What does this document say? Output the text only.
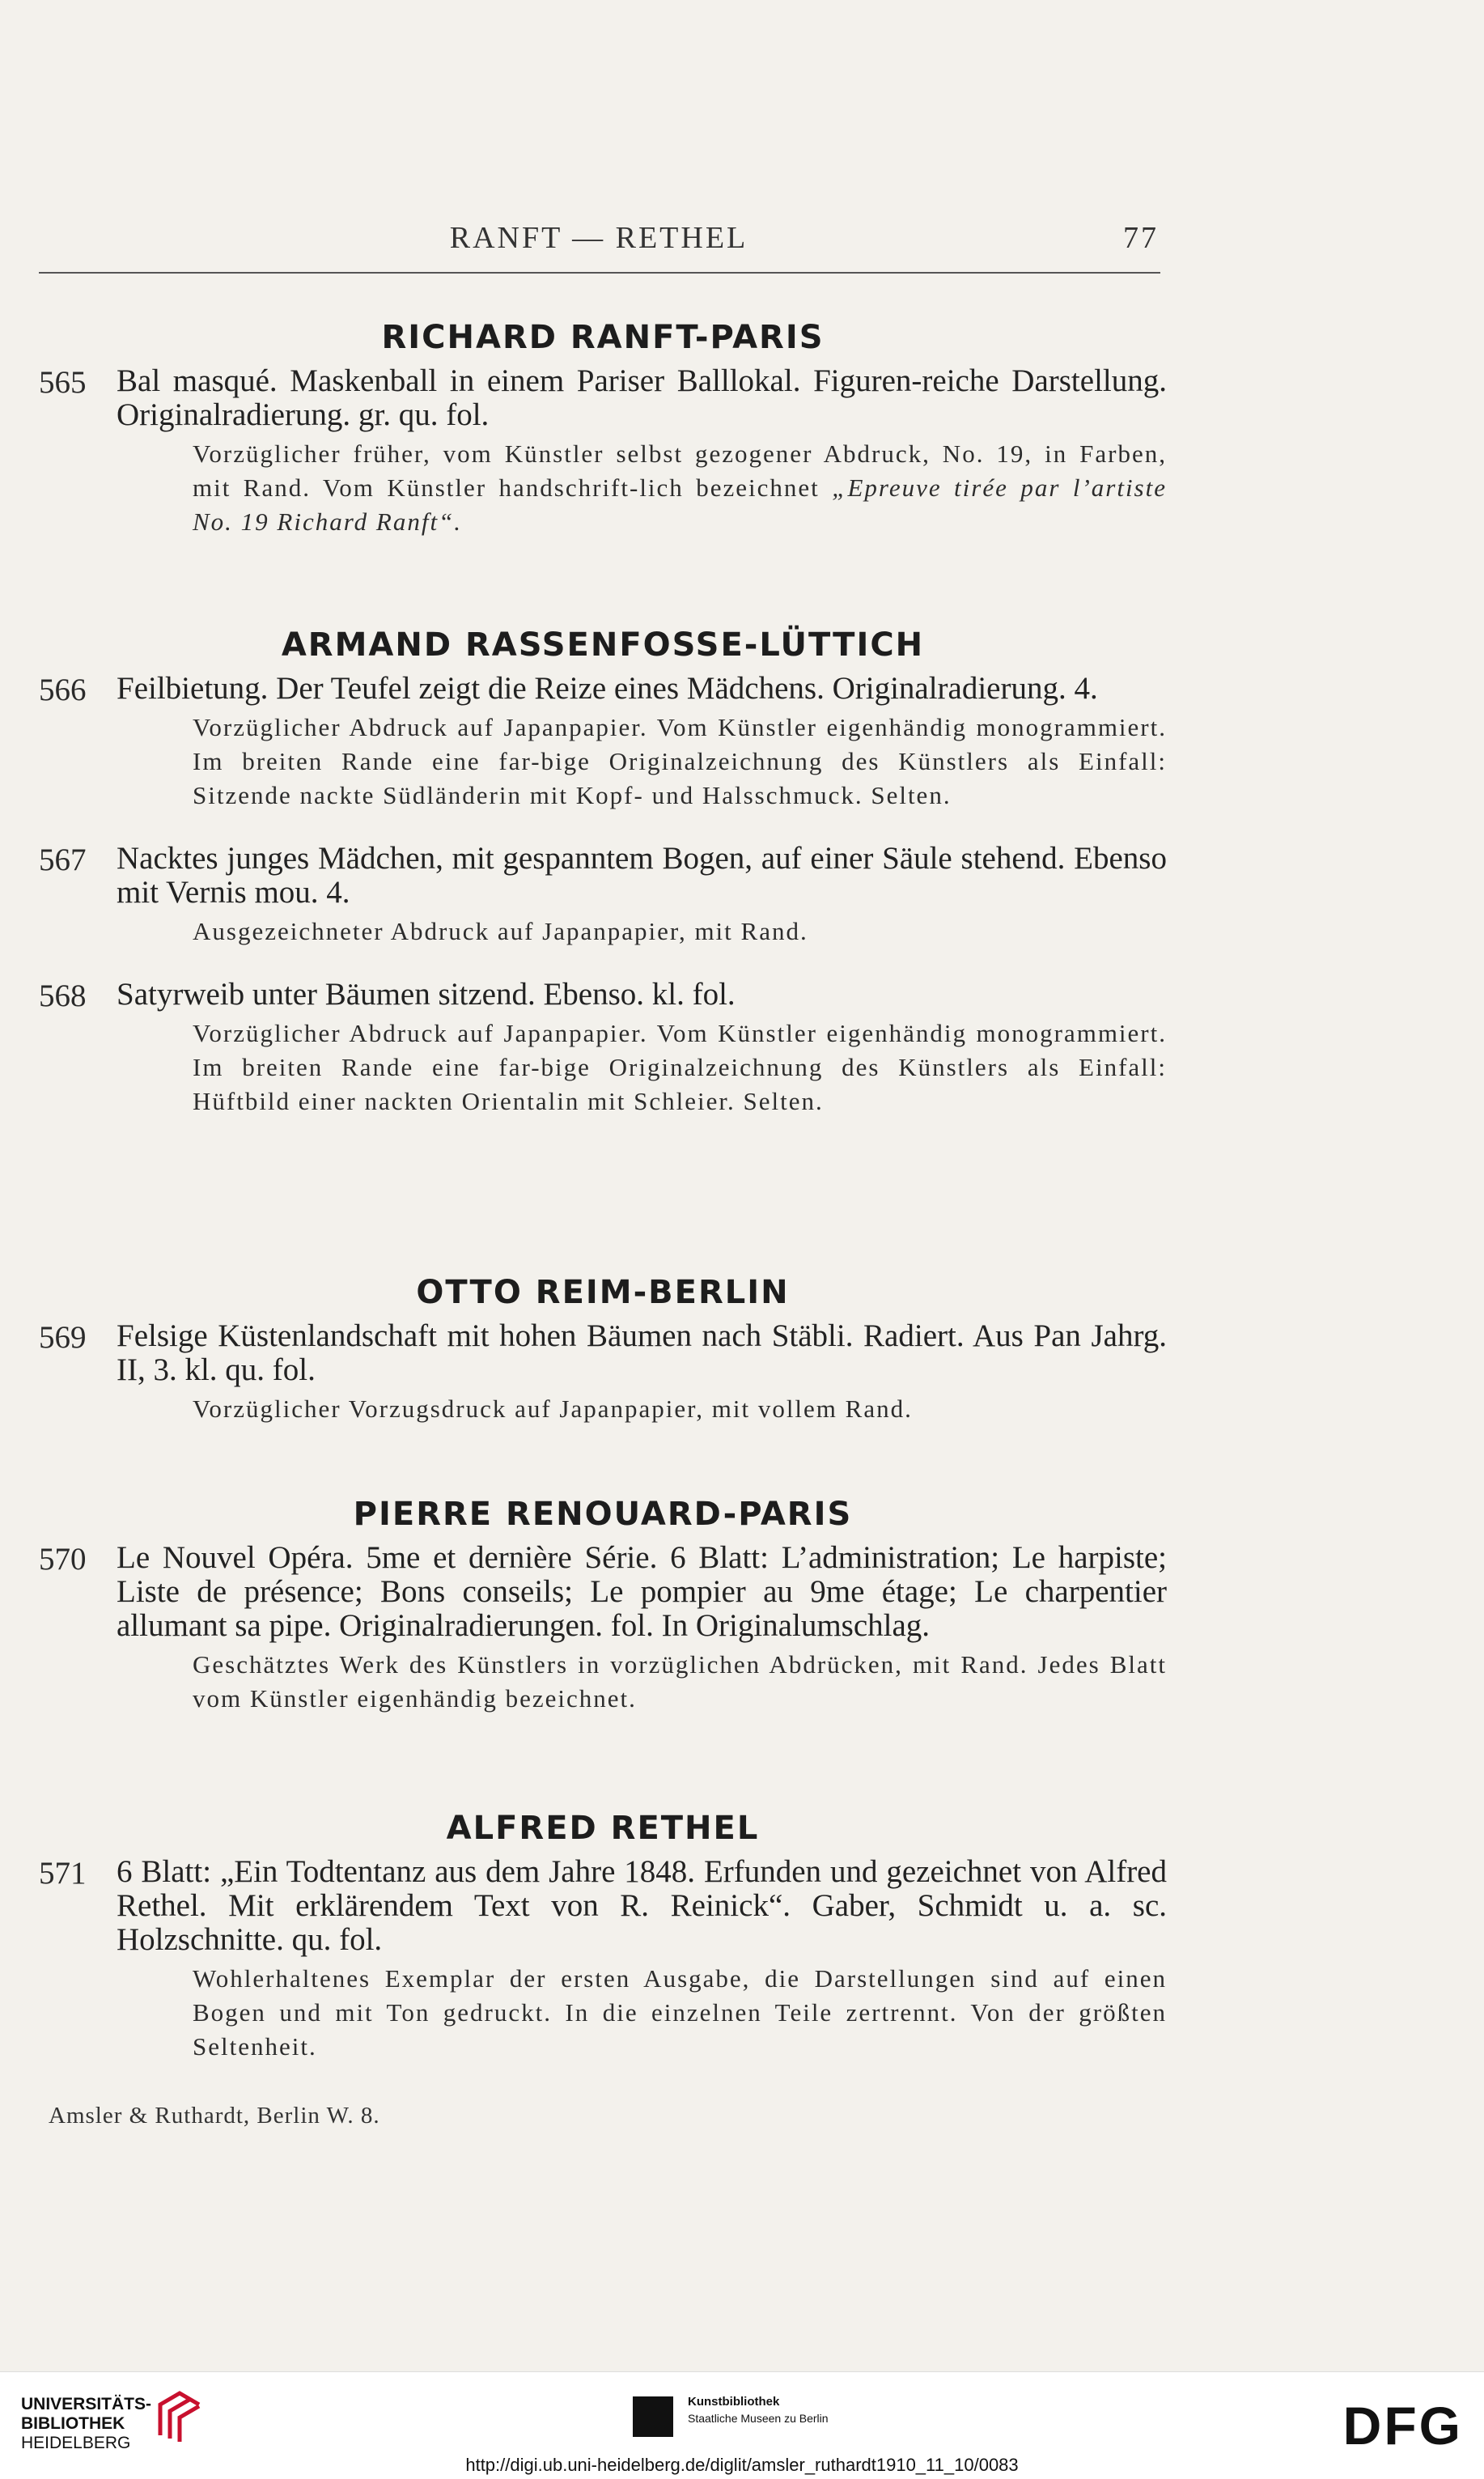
RANFT — RETHEL	77
RICHARD RANFT-PARIS
565 Bal masqué. Maskenball in einem Pariser Balllokal. Figuren-reiche Darstellung. Originalradierung. gr. qu. fol.
Vorzüglicher früher, vom Künstler selbst gezogener Abdruck, No. 19, in Farben, mit Rand. Vom Künstler handschrift-lich bezeichnet „Epreuve tirée par l’artiste No. 19 Richard Ranft“.
ARMAND RASSENFOSSE-LÜTTICH
566 Feilbietung. Der Teufel zeigt die Reize eines Mädchens. Originalradierung. 4.
Vorzüglicher Abdruck auf Japanpapier. Vom Künstler eigenhändig monogrammiert. Im breiten Rande eine far-bige Originalzeichnung des Künstlers als Einfall: Sitzende nackte Südländerin mit Kopf- und Halsschmuck. Selten.
567 Nacktes junges Mädchen, mit gespanntem Bogen, auf einer Säule stehend. Ebenso mit Vernis mou. 4.
Ausgezeichneter Abdruck auf Japanpapier, mit Rand.
568 Satyrweib unter Bäumen sitzend. Ebenso. kl. fol.
Vorzüglicher Abdruck auf Japanpapier. Vom Künstler eigenhändig monogrammiert. Im breiten Rande eine far-bige Originalzeichnung des Künstlers als Einfall: Hüftbild einer nackten Orientalin mit Schleier. Selten.
OTTO REIM-BERLIN
569 Felsige Küstenlandschaft mit hohen Bäumen nach Stäbli. Radiert. Aus Pan Jahrg. II, 3. kl. qu. fol.
Vorzüglicher Vorzugsdruck auf Japanpapier, mit vollem Rand.
PIERRE RENOUARD-PARIS
570 Le Nouvel Opéra. 5me et dernière Série. 6 Blatt: L’administration; Le harpiste; Liste de présence; Bons conseils; Le pompier au 9me étage; Le charpentier allumant sa pipe. Originalradierungen. fol. In Originalumschlag.
Geschätztes Werk des Künstlers in vorzüglichen Abdrücken, mit Rand. Jedes Blatt vom Künstler eigenhändig bezeichnet.
ALFRED RETHEL
571 6 Blatt: „Ein Todtentanz aus dem Jahre 1848. Erfunden und gezeichnet von Alfred Rethel. Mit erklärendem Text von R. Reinick“. Gaber, Schmidt u. a. sc. Holzschnitte. qu. fol.
Wohlerhaltenes Exemplar der ersten Ausgabe, die Darstellungen sind auf einen Bogen und mit Ton gedruckt. In die einzelnen Teile zertrennt. Von der größten Seltenheit.
Amsler & Ruthardt, Berlin W. 8.
UNIVERSITÄTS-
BIBLIOTHEK
HEIDELBERG
Kunstbibliothek
Staatliche Museen zu Berlin	DFG
http://digi.ub.uni-heidelberg.de/diglit/amsler_ruthardt1910_11_10/0083
